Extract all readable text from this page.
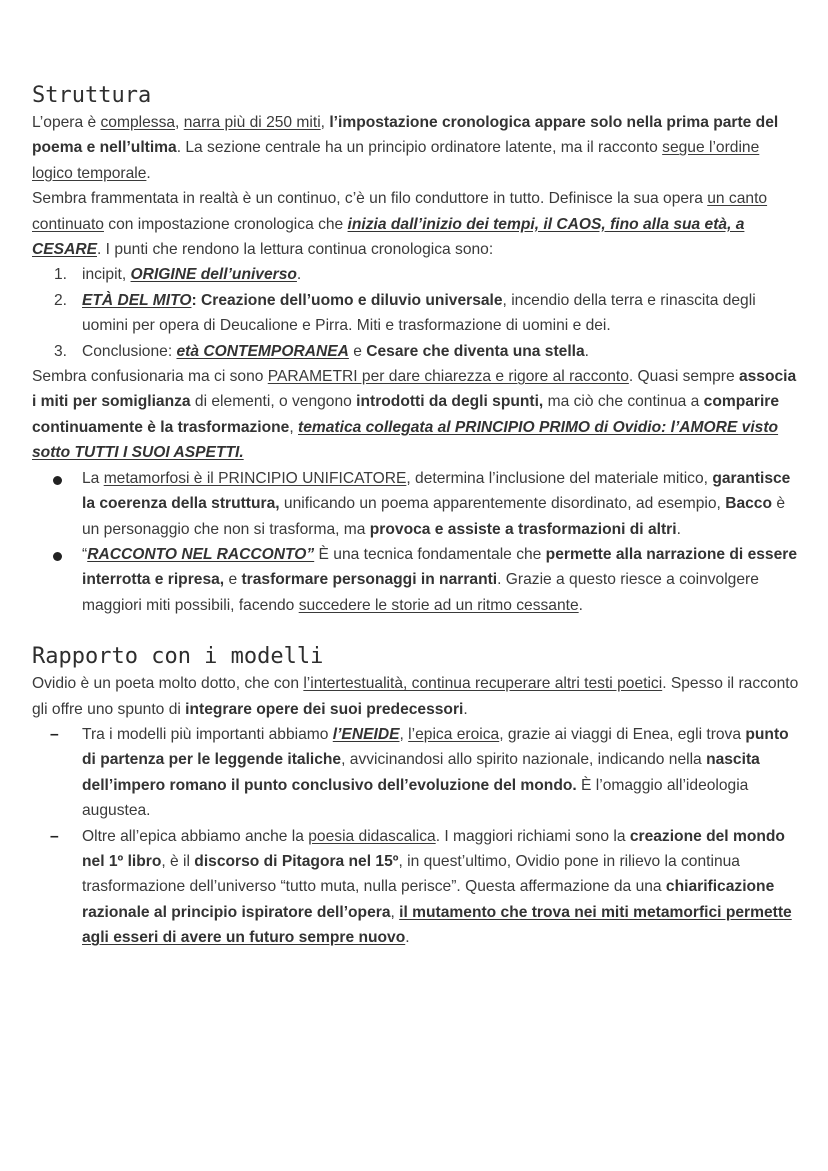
Struttura

L’opera è complessa, narra più di 250 miti, l’impostazione cronologica appare solo nella prima parte del poema e nell’ultima. La sezione centrale ha un principio ordinatore latente, ma il racconto segue l’ordine logico temporale.

Sembra frammentata in realtà è un continuo, c’è un filo conduttore in tutto. Definisce la sua opera un canto continuato con impostazione cronologica che inizia dall’inizio dei tempi, il CAOS, fino alla sua età, a CESARE. I punti che rendono la lettura continua cronologica sono:

1. incipit, ORIGINE dell’universo.
2. ETÀ DEL MITO: Creazione dell’uomo e diluvio universale, incendio della terra e rinascita degli uomini per opera di Deucalione e Pirra. Miti e trasformazione di uomini e dei.
3. Conclusione: età CONTEMPORANEA e Cesare che diventa una stella.

Sembra confusionaria ma ci sono PARAMETRI per dare chiarezza e rigore al racconto. Quasi sempre associa i miti per somiglianza di elementi, o vengono introdotti da degli spunti, ma ciò che continua a comparire continuamente è la trasformazione, tematica collegata al PRINCIPIO PRIMO di Ovidio: l’AMORE visto sotto TUTTI I SUOI ASPETTI.

La metamorfosi è il PRINCIPIO UNIFICATORE, determina l’inclusione del materiale mitico, garantisce la coerenza della struttura, unificando un poema apparentemente disordinato, ad esempio, Bacco è un personaggio che non si trasforma, ma provoca e assiste a trasformazioni di altri.
“RACCONTO NEL RACCONTO” È una tecnica fondamentale che permette alla narrazione di essere interrotta e ripresa, e trasformare personaggi in narranti. Grazie a questo riesce a coinvolgere maggiori miti possibili, facendo succedere le storie ad un ritmo cessante.
Rapporto con i modelli

Ovidio è un poeta molto dotto, che con l’intertestualità, continua recuperare altri testi poetici. Spesso il racconto gli offre uno spunto di integrare opere dei suoi predecessori.

– Tra i modelli più importanti abbiamo l’ENEIDE, l’epica eroica, grazie ai viaggi di Enea, egli trova punto di partenza per le leggende italiche, avvicinandosi allo spirito nazionale, indicando nella nascita dell’impero romano il punto conclusivo dell’evoluzione del mondo. È l’omaggio all’ideologia augustea.
– Oltre all’epica abbiamo anche la poesia didascalica. I maggiori richiami sono la creazione del mondo nel 1º libro, è il discorso di Pitagora nel 15º, in quest’ultimo, Ovidio pone in rilievo la continua trasformazione dell’universo “tutto muta, nulla perisce”. Questa affermazione da una chiarificazione razionale al principio ispiratore dell’opera, il mutamento che trova nei miti metamorfici permette agli esseri di avere un futuro sempre nuovo.
